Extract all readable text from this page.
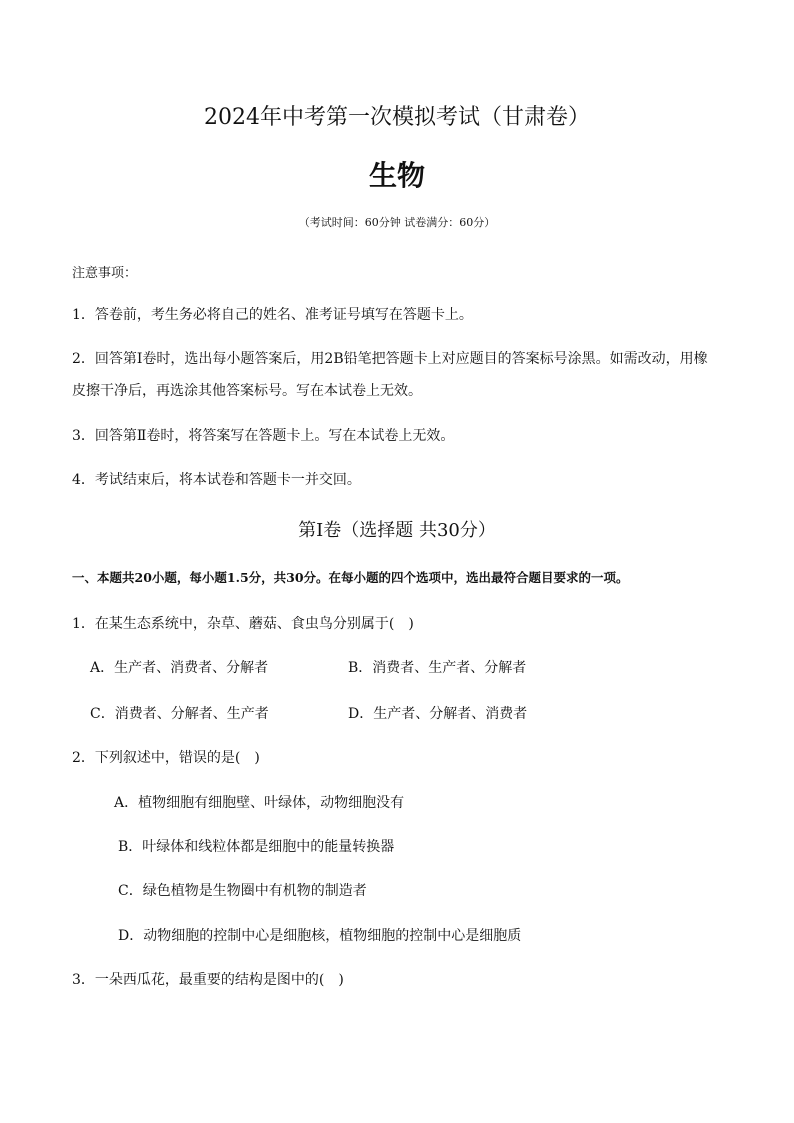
2024年中考第一次模拟考试（甘肃卷）
生物
（考试时间：60分钟 试卷满分：60分）
注意事项：
1．答卷前，考生务必将自己的姓名、准考证号填写在答题卡上。
2．回答第Ⅰ卷时，选出每小题答案后，用2B铅笔把答题卡上对应题目的答案标号涂黑。如需改动，用橡
皮擦干净后，再选涂其他答案标号。写在本试卷上无效。
3．回答第Ⅱ卷时，将答案写在答题卡上。写在本试卷上无效。
4．考试结束后，将本试卷和答题卡一并交回。
第Ⅰ卷（选择题 共30分）
一、本题共20小题，每小题1.5分，共30分。在每小题的四个选项中，选出最符合题目要求的一项。
1．在某生态系统中，杂草、蘑菇、食虫鸟分别属于(　)
A．生产者、消费者、分解者	B．消费者、生产者、分解者
C．消费者、分解者、生产者	D．生产者、分解者、消费者
2．下列叙述中，错误的是(　)
A．植物细胞有细胞壁、叶绿体，动物细胞没有
B．叶绿体和线粒体都是细胞中的能量转换器
C．绿色植物是生物圈中有机物的制造者
D．动物细胞的控制中心是细胞核，植物细胞的控制中心是细胞质
3．一朵西瓜花，最重要的结构是图中的(　)
